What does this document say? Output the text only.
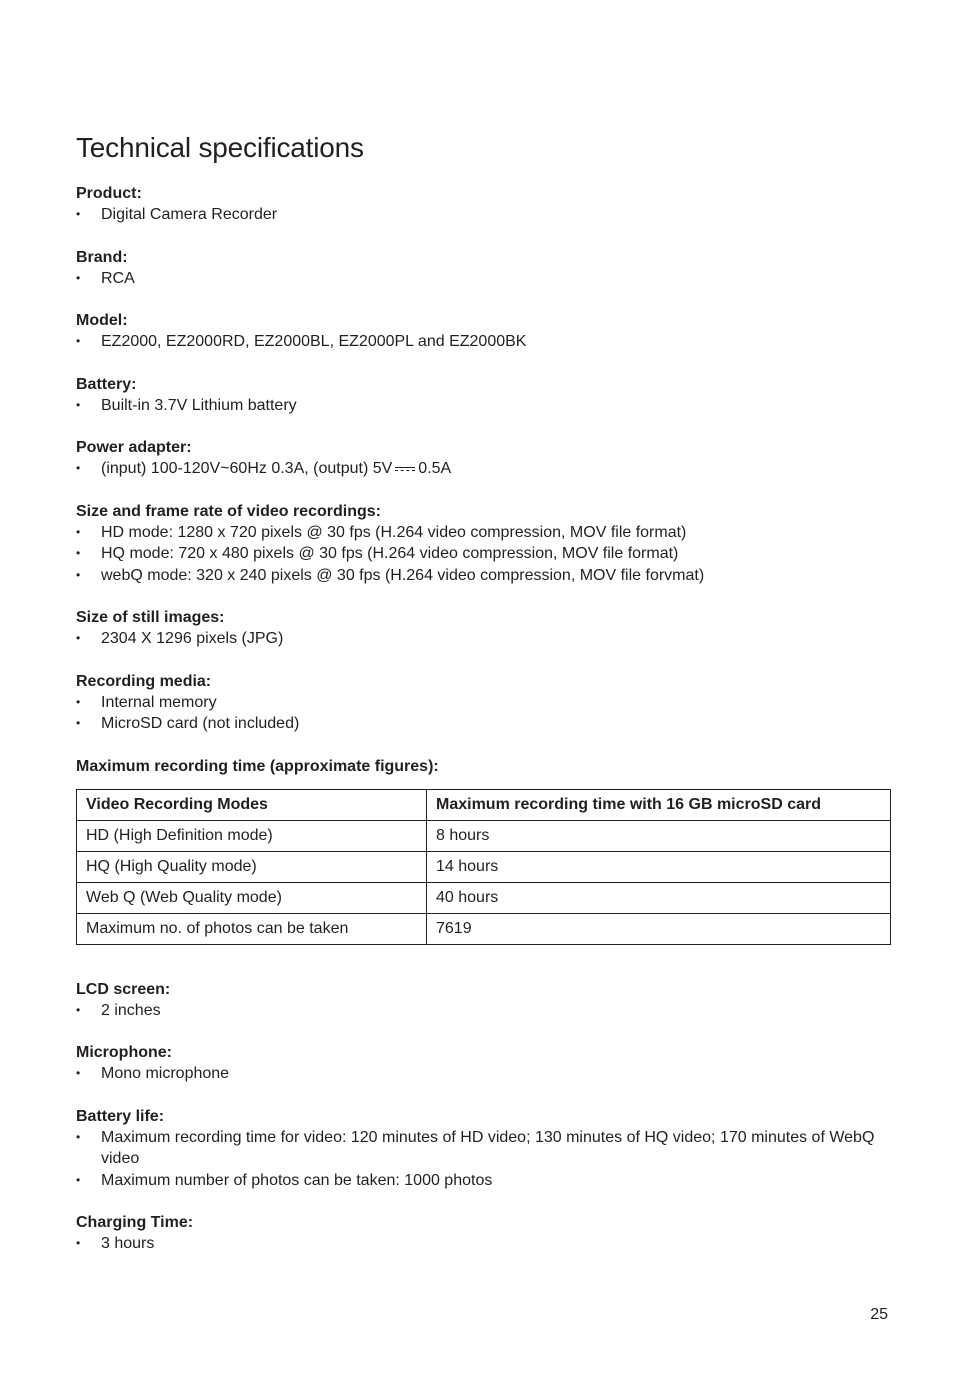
Technical specifications

Product:

• Digital Camera Recorder

Brand:

• RCA

Model:

• EZ2000, EZ2000RD, EZ2000BL, EZ2000PL and EZ2000BK

Battery:

• Built-in 3.7V Lithium battery

Power adapter:

• (input) 100-120V~60Hz 0.3A, (output) 5V 0.5A

Size and frame rate of video recordings:

• HD mode: 1280 x 720 pixels @ 30 fps (H.264 video compression, MOV file format)
• HQ mode: 720 x 480 pixels @ 30 fps (H.264 video compression, MOV file format)
• webQ mode: 320 x 240 pixels @ 30 fps (H.264 video compression, MOV file forvmat)

Size of still images:

• 2304 X 1296 pixels (JPG)

Recording media:

• Internal memory
• MicroSD card (not included)

Maximum recording time (approximate figures):

Video Recording Modes	Maximum recording time with 16 GB microSD card
HD (High Definition mode)	8 hours
HQ (High Quality mode)	14 hours
Web Q (Web Quality mode)	40 hours
Maximum no. of photos can be taken	7619

LCD screen:

• 2 inches

Microphone:

• Mono microphone

Battery life:

• Maximum recording time for video: 120 minutes of HD video; 130 minutes of HQ video; 170 minutes of WebQ video
• Maximum number of photos can be taken: 1000 photos

Charging Time:

• 3 hours
25
